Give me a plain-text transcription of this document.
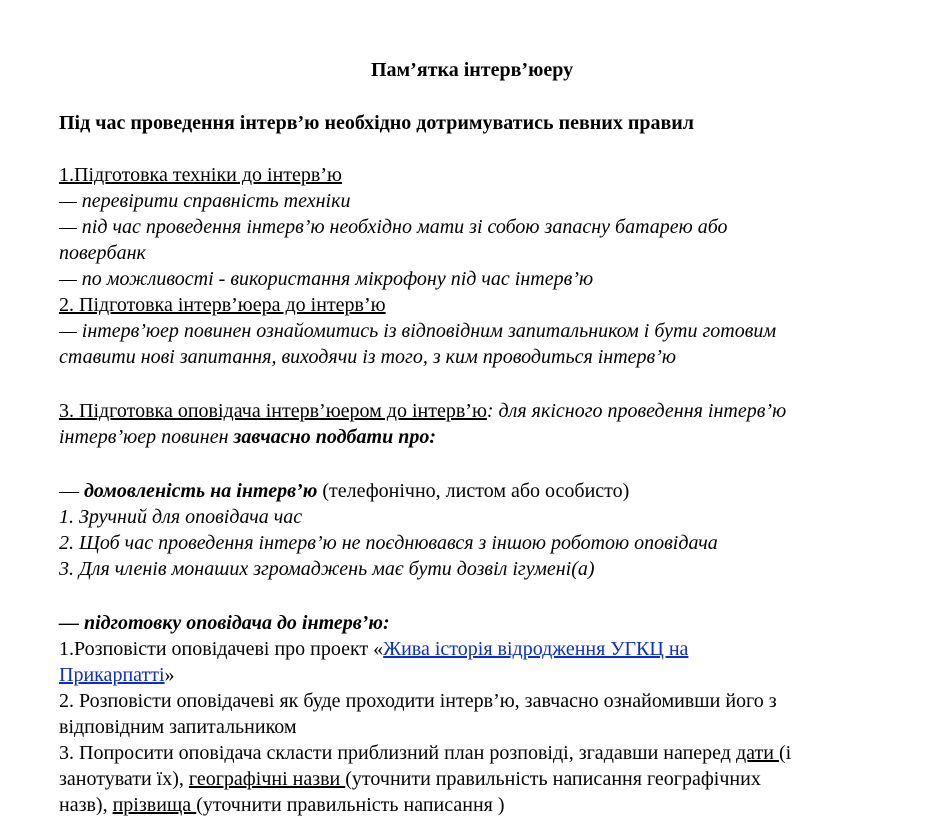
Пам’ятка інтерв’юеру
Під час проведення інтерв’ю необхідно дотримуватись певних правил
1.Підготовка техніки до інтерв’ю
— перевірити справність техніки
— під час проведення інтерв’ю необхідно мати зі собою запасну батарею або
повербанк
— по можливості - використання мікрофону під час інтерв’ю
2. Підготовка інтерв’юера до інтерв’ю
— інтерв’юер повинен ознайомитись із відповідним запитальником і бути готовим
ставити нові запитання, виходячи із того, з ким проводиться інтерв’ю
3. Підготовка оповідача інтерв’юером до інтерв’ю: для якісного проведення інтерв’ю
інтерв’юер повинен завчасно подбати про:
— домовленість на інтерв’ю (телефонічно, листом або особисто)
1. Зручний для оповідача час
2. Щоб час проведення інтерв’ю не поєднювався з іншою роботою оповідача
3. Для членів монаших згромаджень має бути дозвіл ігумені(а)
— підготовку оповідача до інтерв’ю:
1.Розповісти оповідачеві про проект «Жива історія відродження УГКЦ на
Прикарпатті»
2. Розповісти оповідачеві як буде проходити інтерв’ю, завчасно ознайомивши його з
відповідним запитальником
3. Попросити оповідача скласти приблизний план розповіді, згадавши наперед дати (і
занотувати їх), географічні назви (уточнити правильність написання географічних
назв), прізвища (уточнити правильність написання )
